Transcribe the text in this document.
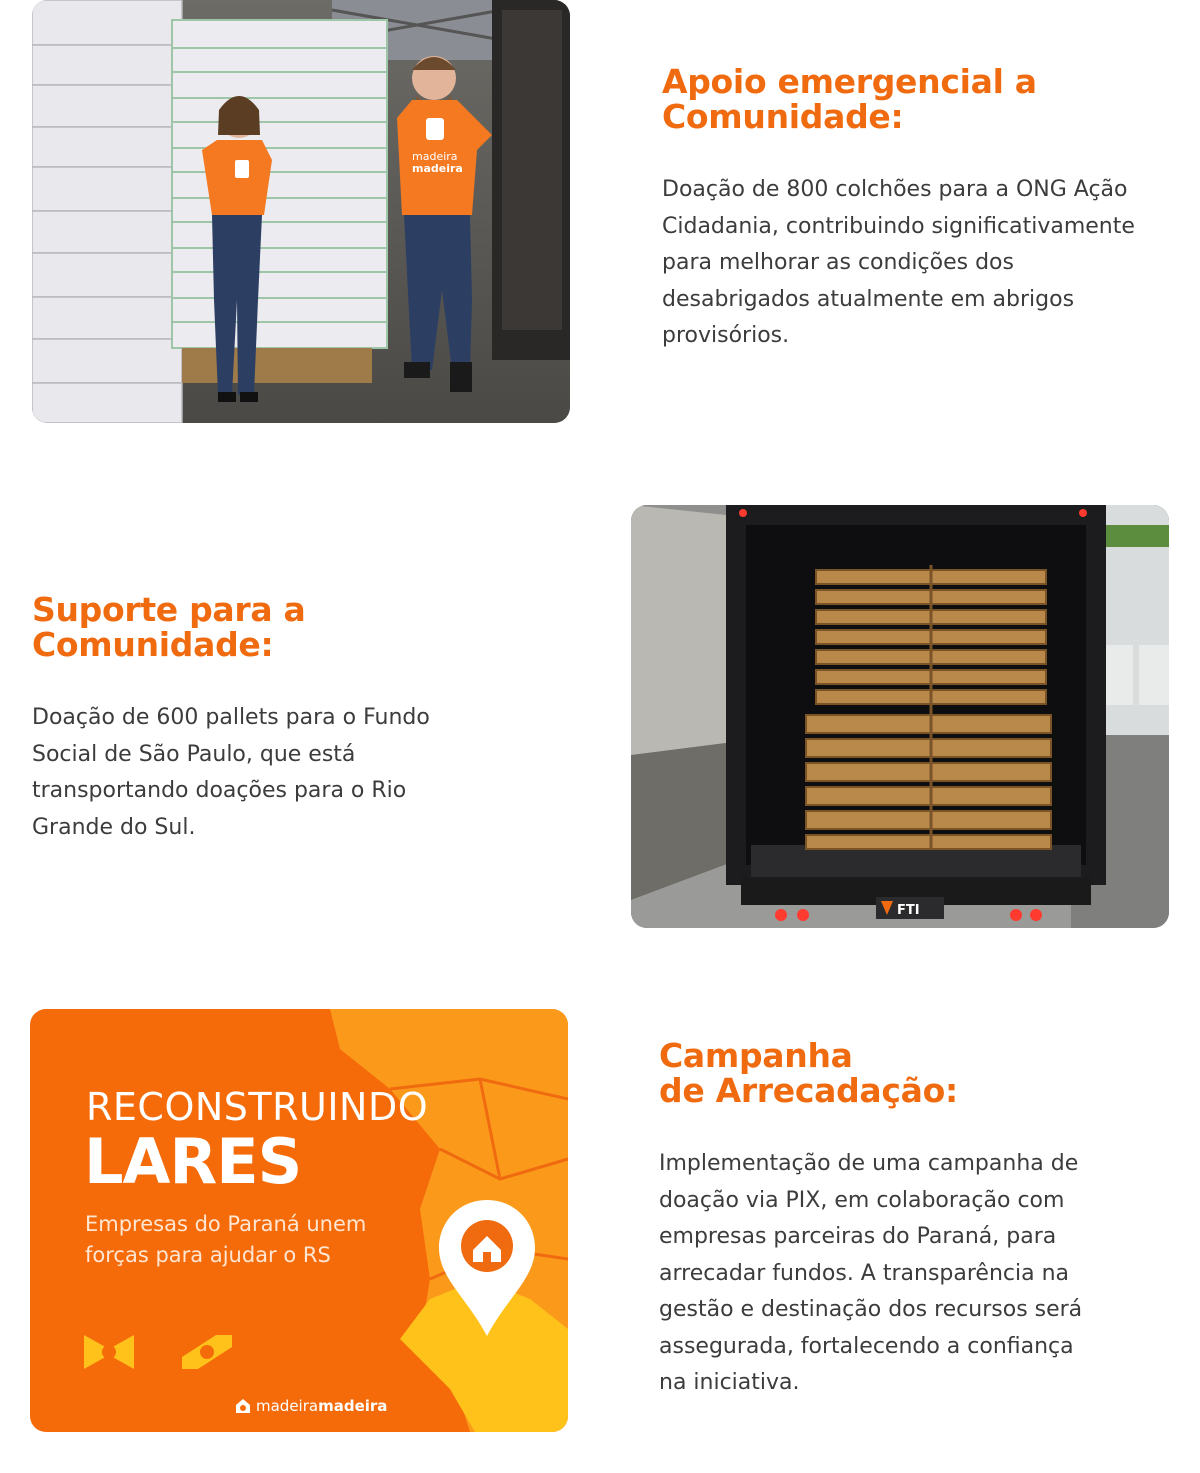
madeira
madeira
Apoio emergencial a
Comunidade:
Doação de 800 colchões para a ONG Ação
Cidadania, contribuindo significativamente
para melhorar as condições dos
desabrigados atualmente em abrigos
provisórios.
Suporte para a
Comunidade:
Doação de 600 pallets para o Fundo
Social de São Paulo, que está
transportando doações para o Rio
Grande do Sul.
FTI
RECONSTRUINDO
LARES
Empresas do Paraná unem
forças para ajudar o RS
madeiramadeira
Campanha
de Arrecadação:
Implementação de uma campanha de
doação via PIX, em colaboração com
empresas parceiras do Paraná, para
arrecadar fundos. A transparência na
gestão e destinação dos recursos será
assegurada, fortalecendo a confiança
na iniciativa.
